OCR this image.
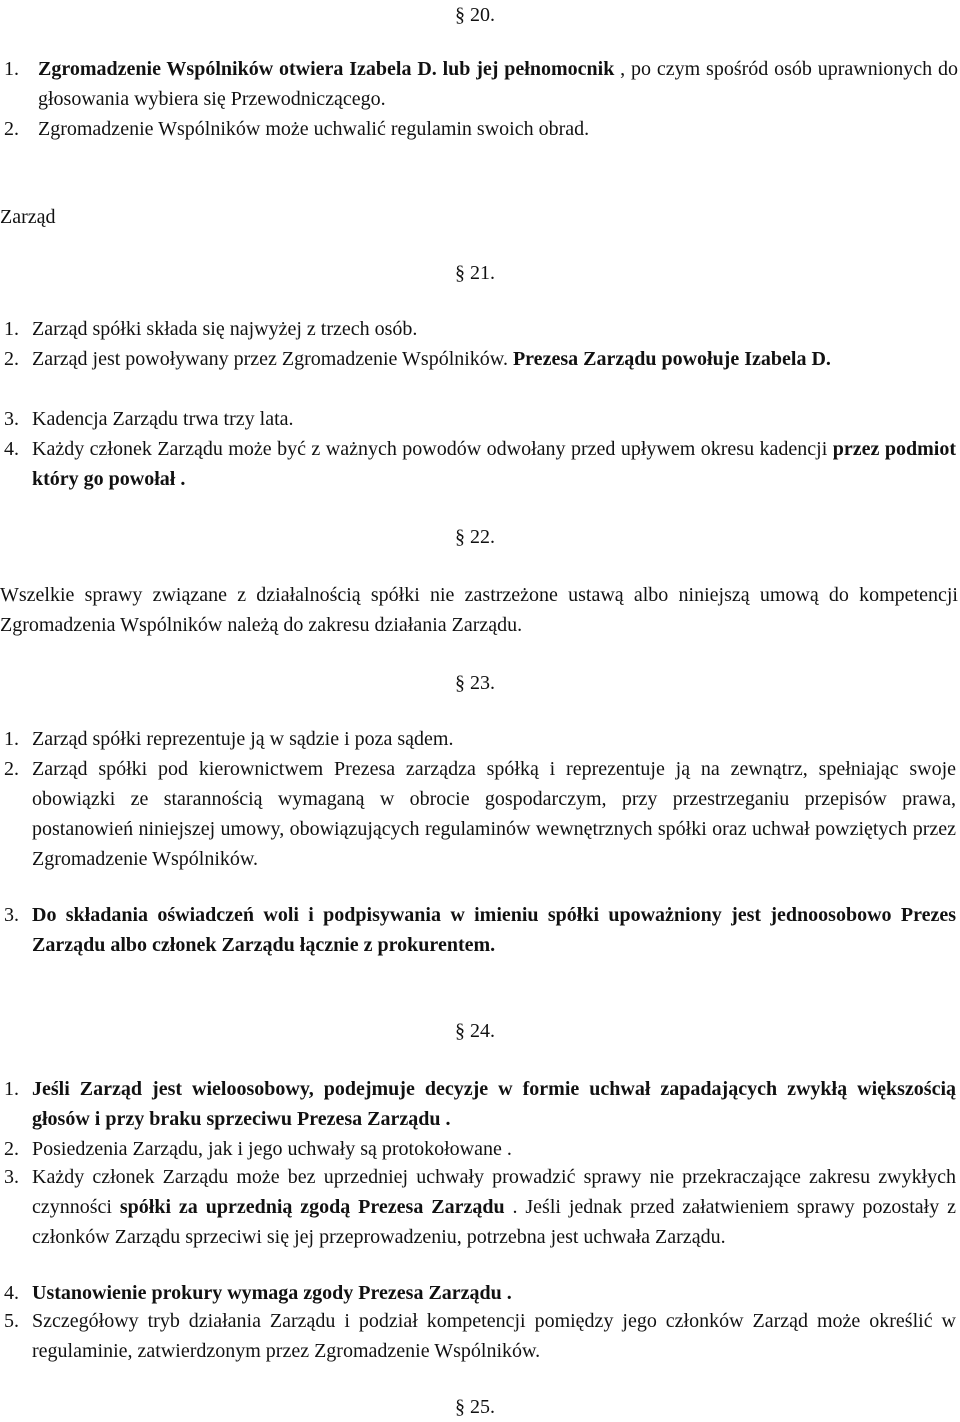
§ 20.
1. Zgromadzenie Wspólników otwiera Izabela D. lub jej pełnomocnik , po czym spośród osób uprawnionych do głosowania wybiera się Przewodniczącego.
2. Zgromadzenie Wspólników może uchwalić regulamin swoich obrad.
Zarząd
§ 21.
1. Zarząd spółki składa się najwyżej z trzech osób.
2. Zarząd jest powoływany przez Zgromadzenie Wspólników. Prezesa Zarządu powołuje Izabela D.
3. Kadencja Zarządu trwa trzy lata.
4. Każdy członek Zarządu może być z ważnych powodów odwołany przed upływem okresu kadencji przez podmiot który go powołał .
§ 22.
Wszelkie sprawy związane z działalnością spółki nie zastrzeżone ustawą albo niniejszą umową do kompetencji Zgromadzenia Wspólników należą do zakresu działania Zarządu.
§ 23.
1. Zarząd spółki reprezentuje ją w sądzie i poza sądem.
2. Zarząd spółki pod kierownictwem Prezesa zarządza spółką i reprezentuje ją na zewnątrz, spełniając swoje obowiązki ze starannością wymaganą w obrocie gospodarczym, przy przestrzeganiu przepisów prawa, postanowień niniejszej umowy, obowiązujących regulaminów wewnętrznych spółki oraz uchwał powziętych przez Zgromadzenie Wspólników.
3. Do składania oświadczeń woli i podpisywania w imieniu spółki upoważniony jest jednoosobowo Prezes Zarządu albo członek Zarządu łącznie z prokurentem.
§ 24.
1. Jeśli Zarząd jest wieloosobowy, podejmuje decyzje w formie uchwał zapadających zwykłą większością głosów i przy braku sprzeciwu Prezesa Zarządu .
2. Posiedzenia Zarządu, jak i jego uchwały są protokołowane .
3. Każdy członek Zarządu może bez uprzedniej uchwały prowadzić sprawy nie przekraczające zakresu zwykłych czynności spółki za uprzednią zgodą Prezesa Zarządu . Jeśli jednak przed załatwieniem sprawy pozostały z członków Zarządu sprzeciwi się jej przeprowadzeniu, potrzebna jest uchwała Zarządu.
4. Ustanowienie prokury wymaga zgody Prezesa Zarządu .
5. Szczegółowy tryb działania Zarządu i podział kompetencji pomiędzy jego członków Zarząd może określić w regulaminie, zatwierdzonym przez Zgromadzenie Wspólników.
§ 25.
